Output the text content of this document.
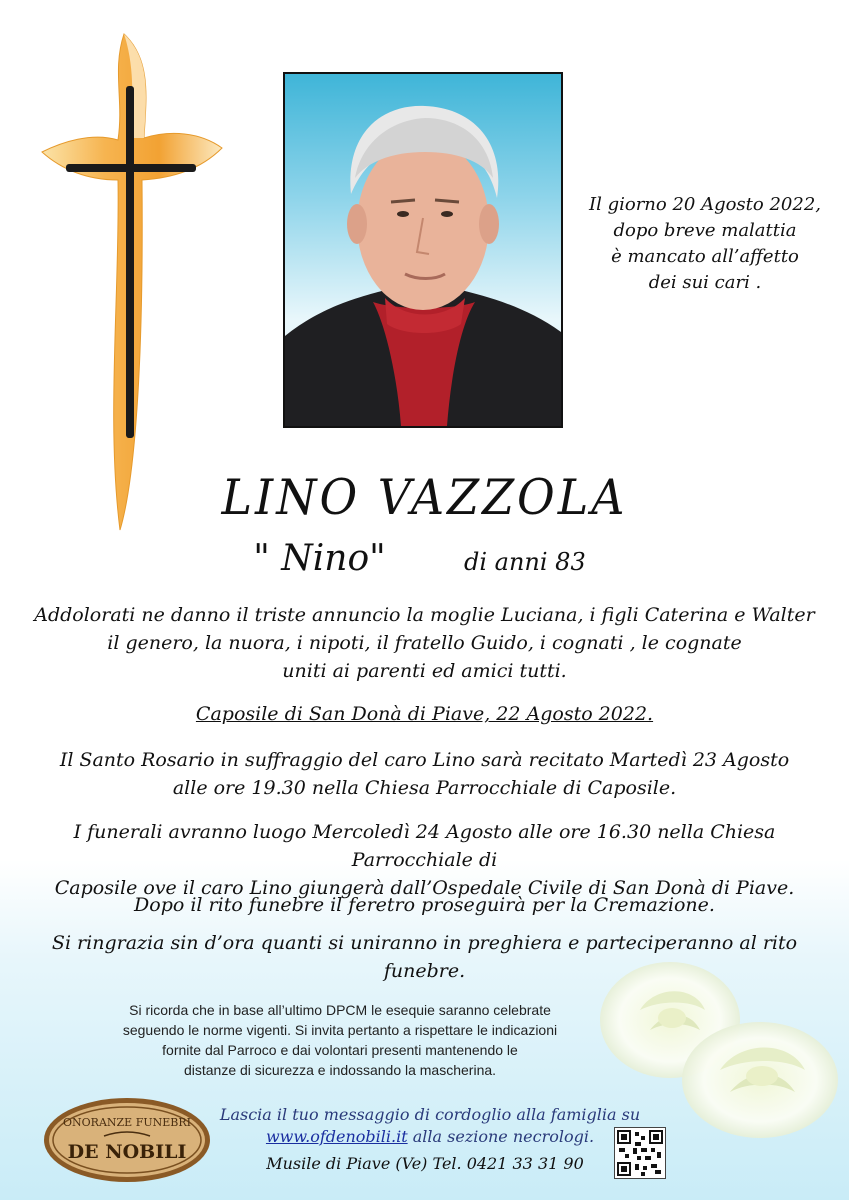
Il giorno 20 Agosto 2022,
dopo breve malattia
è mancato all’affetto
dei sui cari .
LINO VAZZOLA
" Nino"	di anni 83
Addolorati ne danno il triste annuncio la moglie Luciana, i figli Caterina e Walter
il genero, la nuora, i nipoti, il fratello Guido, i cognati , le cognate
uniti ai parenti ed amici tutti.
Caposile di San Donà di Piave, 22 Agosto 2022.
Il Santo Rosario in suffraggio del caro Lino sarà recitato Martedì 23 Agosto
alle ore 19.30 nella Chiesa Parrocchiale di Caposile.
I funerali avranno luogo Mercoledì 24 Agosto alle ore 16.30 nella Chiesa Parrocchiale di
Caposile ove il caro Lino giungerà dall’Ospedale Civile di San Donà di Piave.
Dopo il rito funebre il feretro proseguirà per la Cremazione.
Si ringrazia sin d’ora quanti si uniranno in preghiera e parteciperanno al rito funebre.
Si ricorda che in base all’ultimo DPCM le esequie saranno celebrate
seguendo le norme vigenti. Si invita pertanto a rispettare le indicazioni
fornite dal Parroco e dai volontari presenti mantenendo le
distanze di sicurezza e indossando la mascherina.
ONORANZE FUNEBRI
DE NOBILI
Lascia il tuo messaggio di cordoglio alla famiglia su
www.ofdenobili.it alla sezione necrologi.
Musile di Piave (Ve) Tel. 0421 33 31 90
